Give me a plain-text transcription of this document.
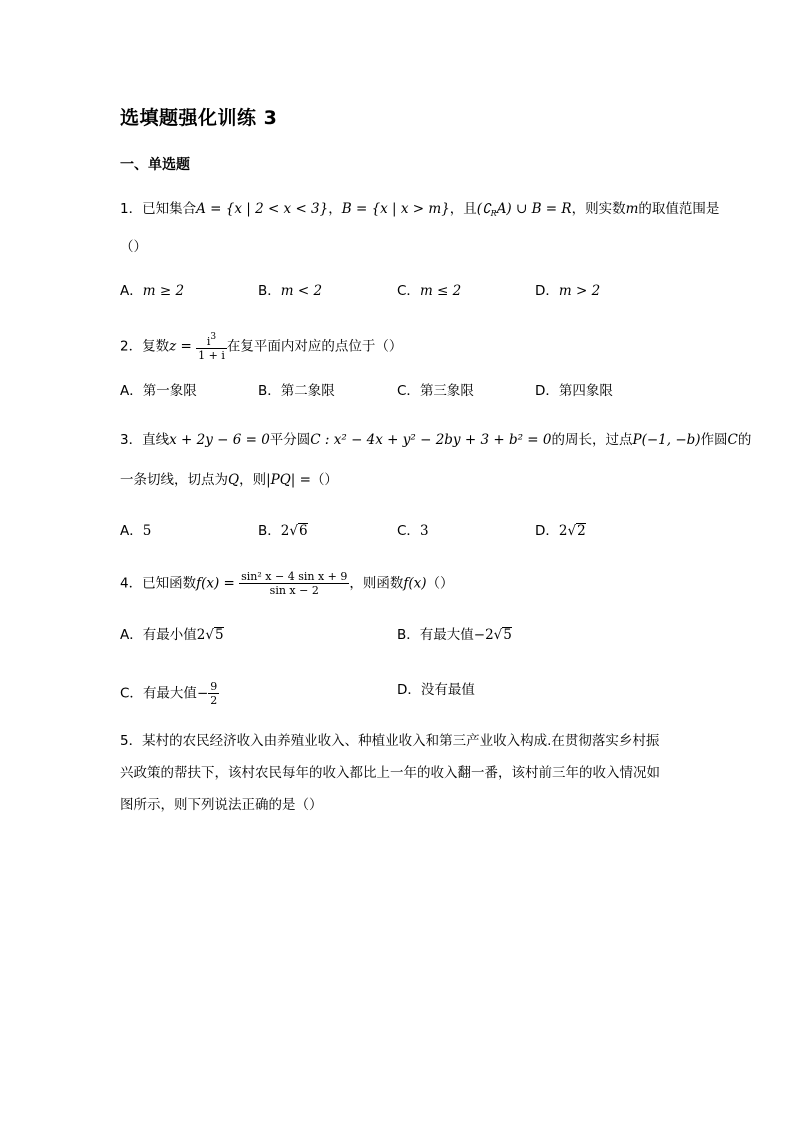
选填题强化训练 3
一、单选题
1．已知集合A = {x | 2 < x < 3}，B = {x | x > m}，且$(∁_RA)$ ∪ B = R，则实数m的取值范围是
（）
A．m ≥ 2	B．m < 2	C．m ≤ 2	D．m > 2
2．复数$z = \frac{i^3}{1 + i}$ 在复平面内对应的点位于（）
A．第一象限	B．第二象限	C．第三象限	D．第四象限
3．直线x + 2y − 6 = 0平分圆C : x² − 4x + y² − 2by + 3 + b² = 0的周长，过点P(−1, −b)作圆C的
一条切线，切点为Q，则|PQ| =（）
A．5	B．2√6	C．3	D．2√2
4．已知函数$f(x) = \frac{\text{sin² x − 4 sin x + 9}}{\text{sin x − 2}}$ ，则函数f(x)（）
A．有最小值2√5	B．有最大值−2√5
C．有最大值− $\frac{9}{2}$	D．没有最值
5．某村的农民经济收入由养殖业收入、种植业收入和第三产业收入构成.在贯彻落实乡村振
兴政策的帮扶下，该村农民每年的收入都比上一年的收入翻一番，该村前三年的收入情况如
图所示，则下列说法正确的是（）
